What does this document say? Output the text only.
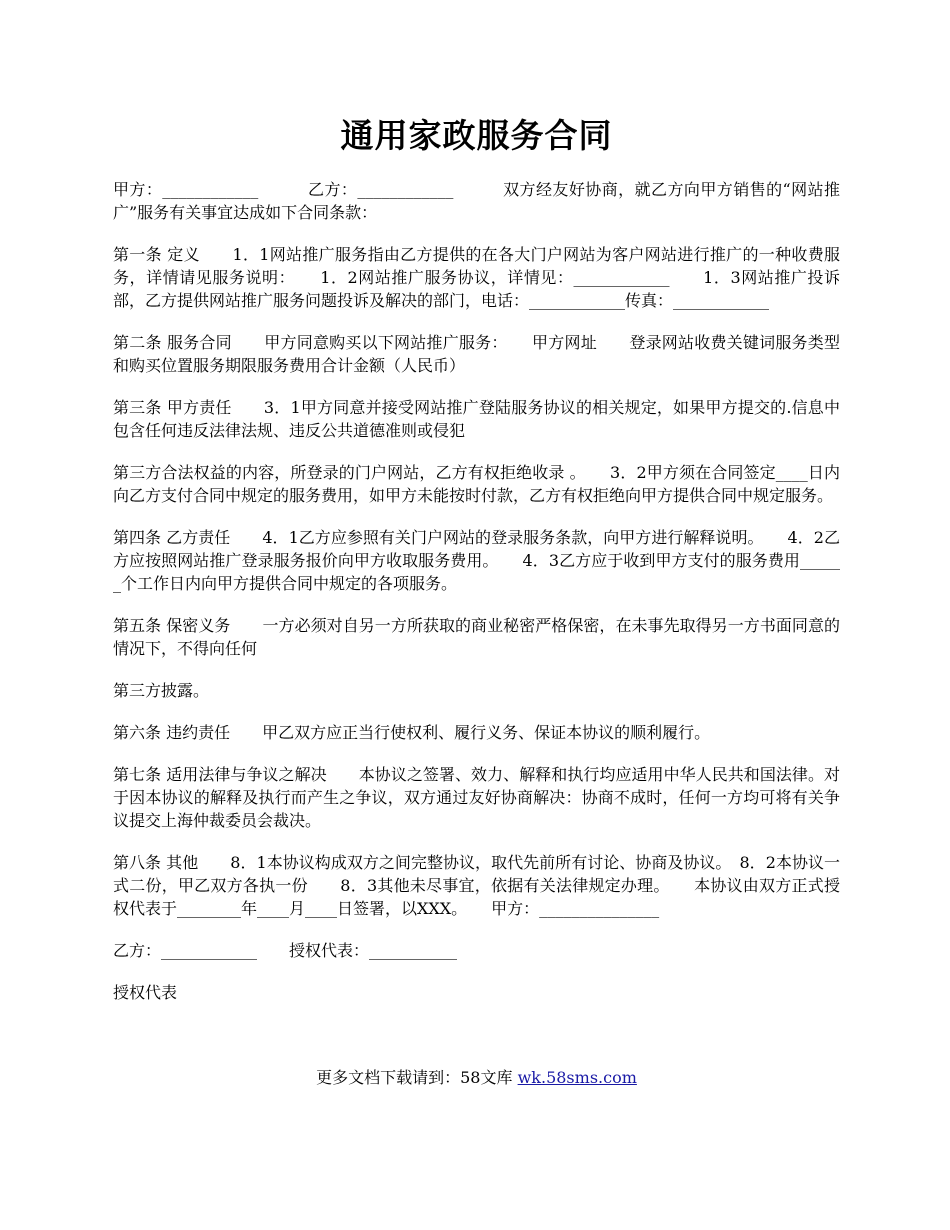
通用家政服务合同

甲方：____________　　　乙方：____________　　　双方经友好协商，就乙方向甲方销售的“网站推广”服务有关事宜达成如下合同条款：

第一条 定义　　1．1网站推广服务指由乙方提供的在各大门户网站为客户网站进行推广的一种收费服务，详情请见服务说明：　　1．2网站推广服务协议，详情见：____________　　1．3网站推广投诉部，乙方提供网站推广服务问题投诉及解决的部门，电话：____________传真：____________

第二条 服务合同　　甲方同意购买以下网站推广服务：　　甲方网址　　登录网站收费关键词服务类型和购买位置服务期限服务费用合计金额（人民币）

第三条 甲方责任　　3．1甲方同意并接受网站推广登陆服务协议的相关规定，如果甲方提交的.信息中包含任何违反法律法规、违反公共道德准则或侵犯

第三方合法权益的内容，所登录的门户网站，乙方有权拒绝收录 。　　3．2甲方须在合同签定____日内向乙方支付合同中规定的服务费用，如甲方未能按时付款，乙方有权拒绝向甲方提供合同中规定服务。

第四条 乙方责任　　4．1乙方应参照有关门户网站的登录服务条款，向甲方进行解释说明。　　4．2乙方应按照网站推广登录服务报价向甲方收取服务费用。　　4．3乙方应于收到甲方支付的服务费用______个工作日内向甲方提供合同中规定的各项服务。

第五条 保密义务　　一方必须对自另一方所获取的商业秘密严格保密，在未事先取得另一方书面同意的情况下，不得向任何

第三方披露。

第六条 违约责任　　甲乙双方应正当行使权利、履行义务、保证本协议的顺利履行。

第七条 适用法律与争议之解决　　本协议之签署、效力、解释和执行均应适用中华人民共和国法律。对于因本协议的解释及执行而产生之争议，双方通过友好协商解决：协商不成时，任何一方均可将有关争议提交上海仲裁委员会裁决。

第八条 其他　　8．1本协议构成双方之间完整协议，取代先前所有讨论、协商及协议。　8．2本协议一式二份，甲乙双方各执一份　　8．3其他未尽事宜，依据有关法律规定办理。　　本协议由双方正式授权代表于________年____月____日签署，以XXX。　　甲方：_______________

乙方：____________　　授权代表：___________

授权代表

更多文档下载请到：58文库 wk.58sms.com
